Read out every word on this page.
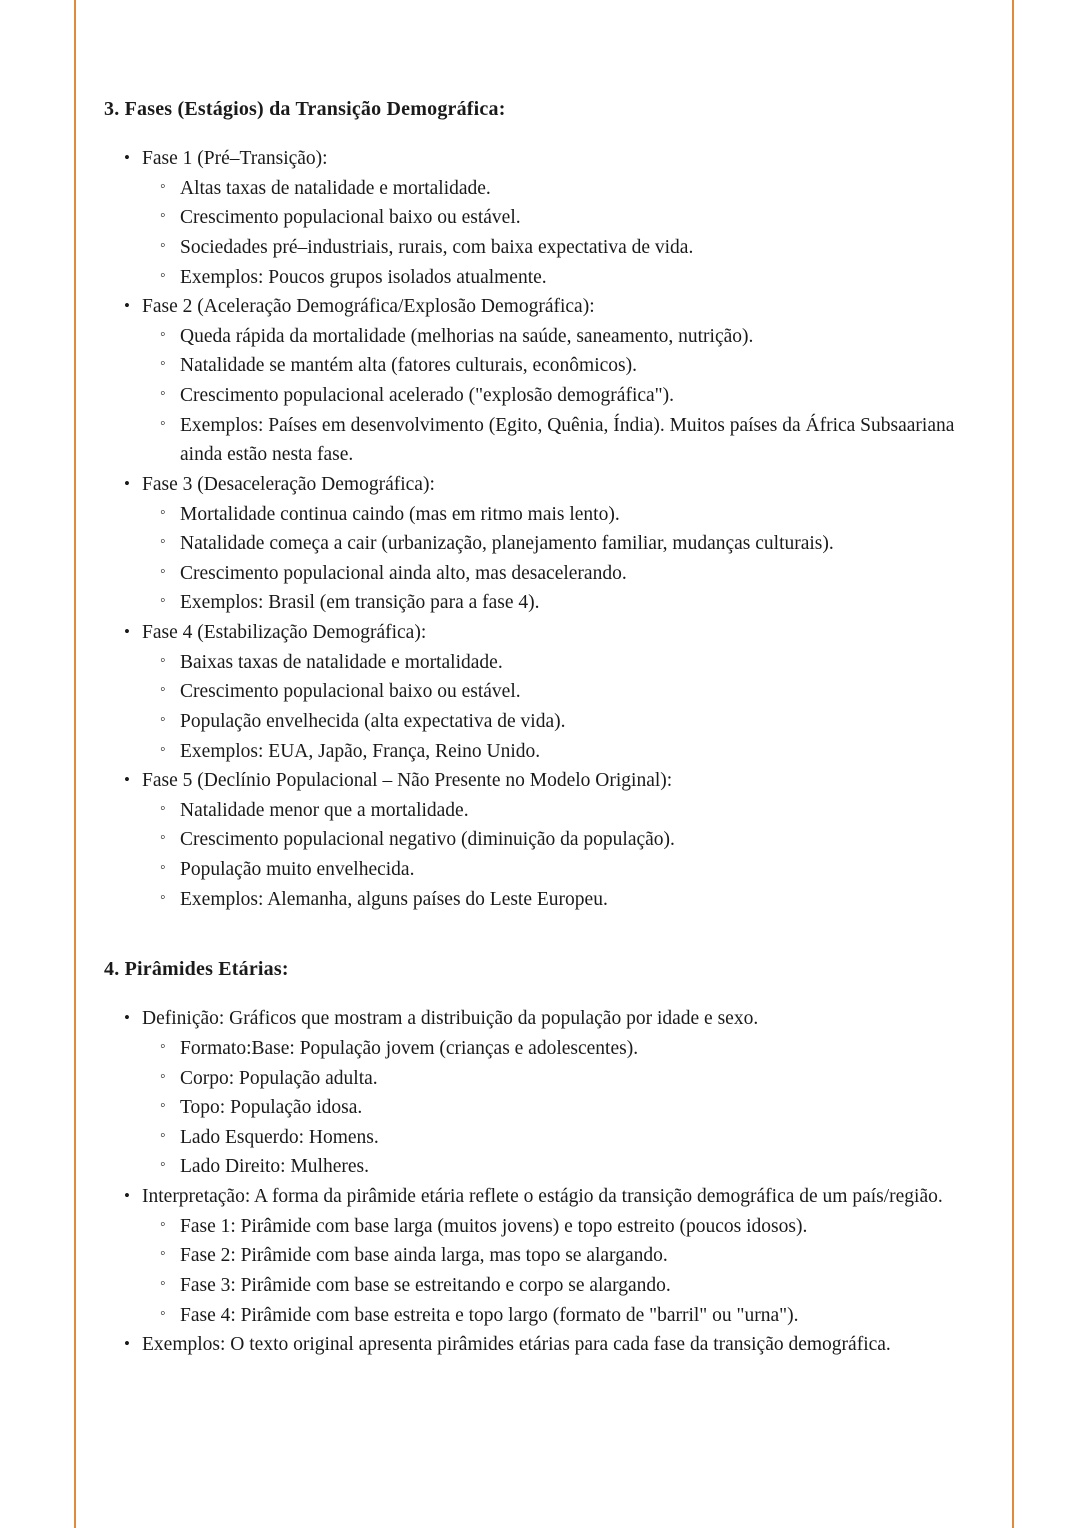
3. Fases (Estágios) da Transição Demográfica:
• Fase 1 (Pré–Transição):
◦ Altas taxas de natalidade e mortalidade.
◦ Crescimento populacional baixo ou estável.
◦ Sociedades pré–industriais, rurais, com baixa expectativa de vida.
◦ Exemplos: Poucos grupos isolados atualmente.
• Fase 2 (Aceleração Demográfica/Explosão Demográfica):
◦ Queda rápida da mortalidade (melhorias na saúde, saneamento, nutrição).
◦ Natalidade se mantém alta (fatores culturais, econômicos).
◦ Crescimento populacional acelerado ("explosão demográfica").
◦ Exemplos: Países em desenvolvimento (Egito, Quênia, Índia). Muitos países da África Subsaariana ainda estão nesta fase.
• Fase 3 (Desaceleração Demográfica):
◦ Mortalidade continua caindo (mas em ritmo mais lento).
◦ Natalidade começa a cair (urbanização, planejamento familiar, mudanças culturais).
◦ Crescimento populacional ainda alto, mas desacelerando.
◦ Exemplos: Brasil (em transição para a fase 4).
• Fase 4 (Estabilização Demográfica):
◦ Baixas taxas de natalidade e mortalidade.
◦ Crescimento populacional baixo ou estável.
◦ População envelhecida (alta expectativa de vida).
◦ Exemplos: EUA, Japão, França, Reino Unido.
• Fase 5 (Declínio Populacional – Não Presente no Modelo Original):
◦ Natalidade menor que a mortalidade.
◦ Crescimento populacional negativo (diminuição da população).
◦ População muito envelhecida.
◦ Exemplos: Alemanha, alguns países do Leste Europeu.
4. Pirâmides Etárias:
• Definição: Gráficos que mostram a distribuição da população por idade e sexo.
◦ Formato:Base: População jovem (crianças e adolescentes).
◦ Corpo: População adulta.
◦ Topo: População idosa.
◦ Lado Esquerdo: Homens.
◦ Lado Direito: Mulheres.
• Interpretação: A forma da pirâmide etária reflete o estágio da transição demográfica de um país/região.
◦ Fase 1: Pirâmide com base larga (muitos jovens) e topo estreito (poucos idosos).
◦ Fase 2: Pirâmide com base ainda larga, mas topo se alargando.
◦ Fase 3: Pirâmide com base se estreitando e corpo se alargando.
◦ Fase 4: Pirâmide com base estreita e topo largo (formato de "barril" ou "urna").
• Exemplos: O texto original apresenta pirâmides etárias para cada fase da transição demográfica.
